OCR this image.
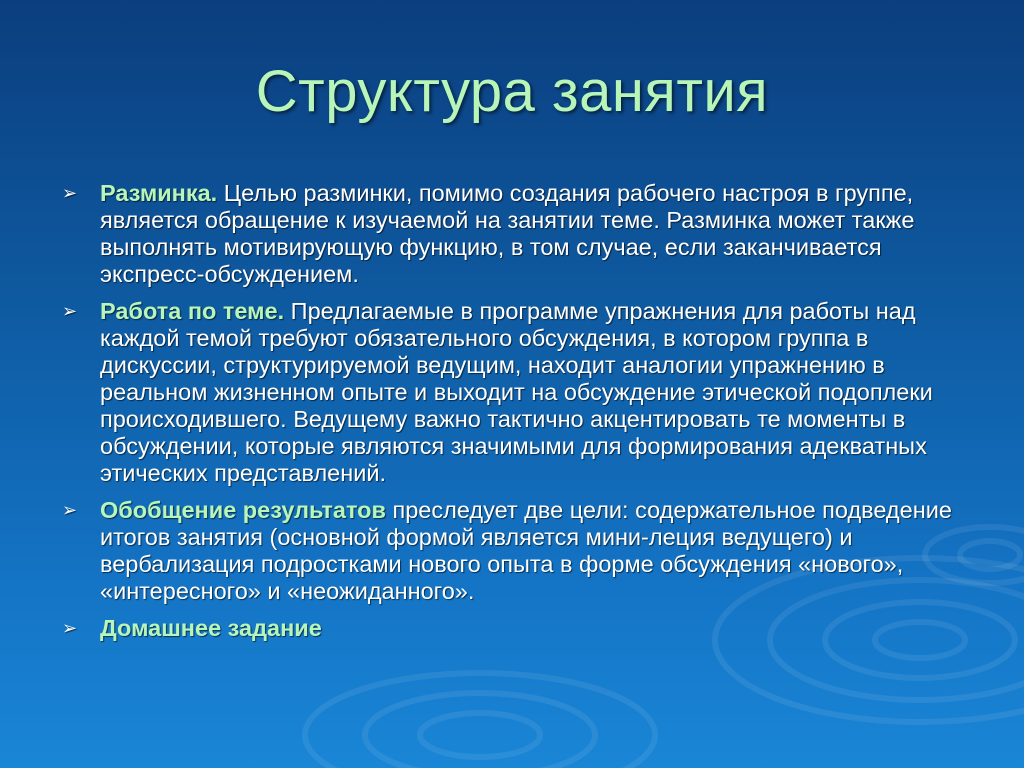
Структура занятия
➢ Разминка. Целью разминки, помимо создания рабочего настроя в группе, является обращение к изучаемой на занятии теме. Разминка может также выполнять мотивирующую функцию, в том случае, если заканчивается экспресс-обсуждением.
➢ Работа по теме. Предлагаемые в программе упражнения для работы над каждой темой требуют обязательного обсуждения, в котором группа в дискуссии, структурируемой ведущим, находит аналогии упражнению в реальном жизненном опыте и выходит на обсуждение этической подоплеки происходившего. Ведущему важно тактично акцентировать те моменты в обсуждении, которые являются значимыми для формирования адекватных этических представлений.
➢ Обобщение результатов преследует две цели: содержательное подведение итогов занятия (основной формой является мини-леция ведущего) и вербализация подростками нового опыта в форме обсуждения «нового», «интересного» и «неожиданного».
➢ Домашнее задание
